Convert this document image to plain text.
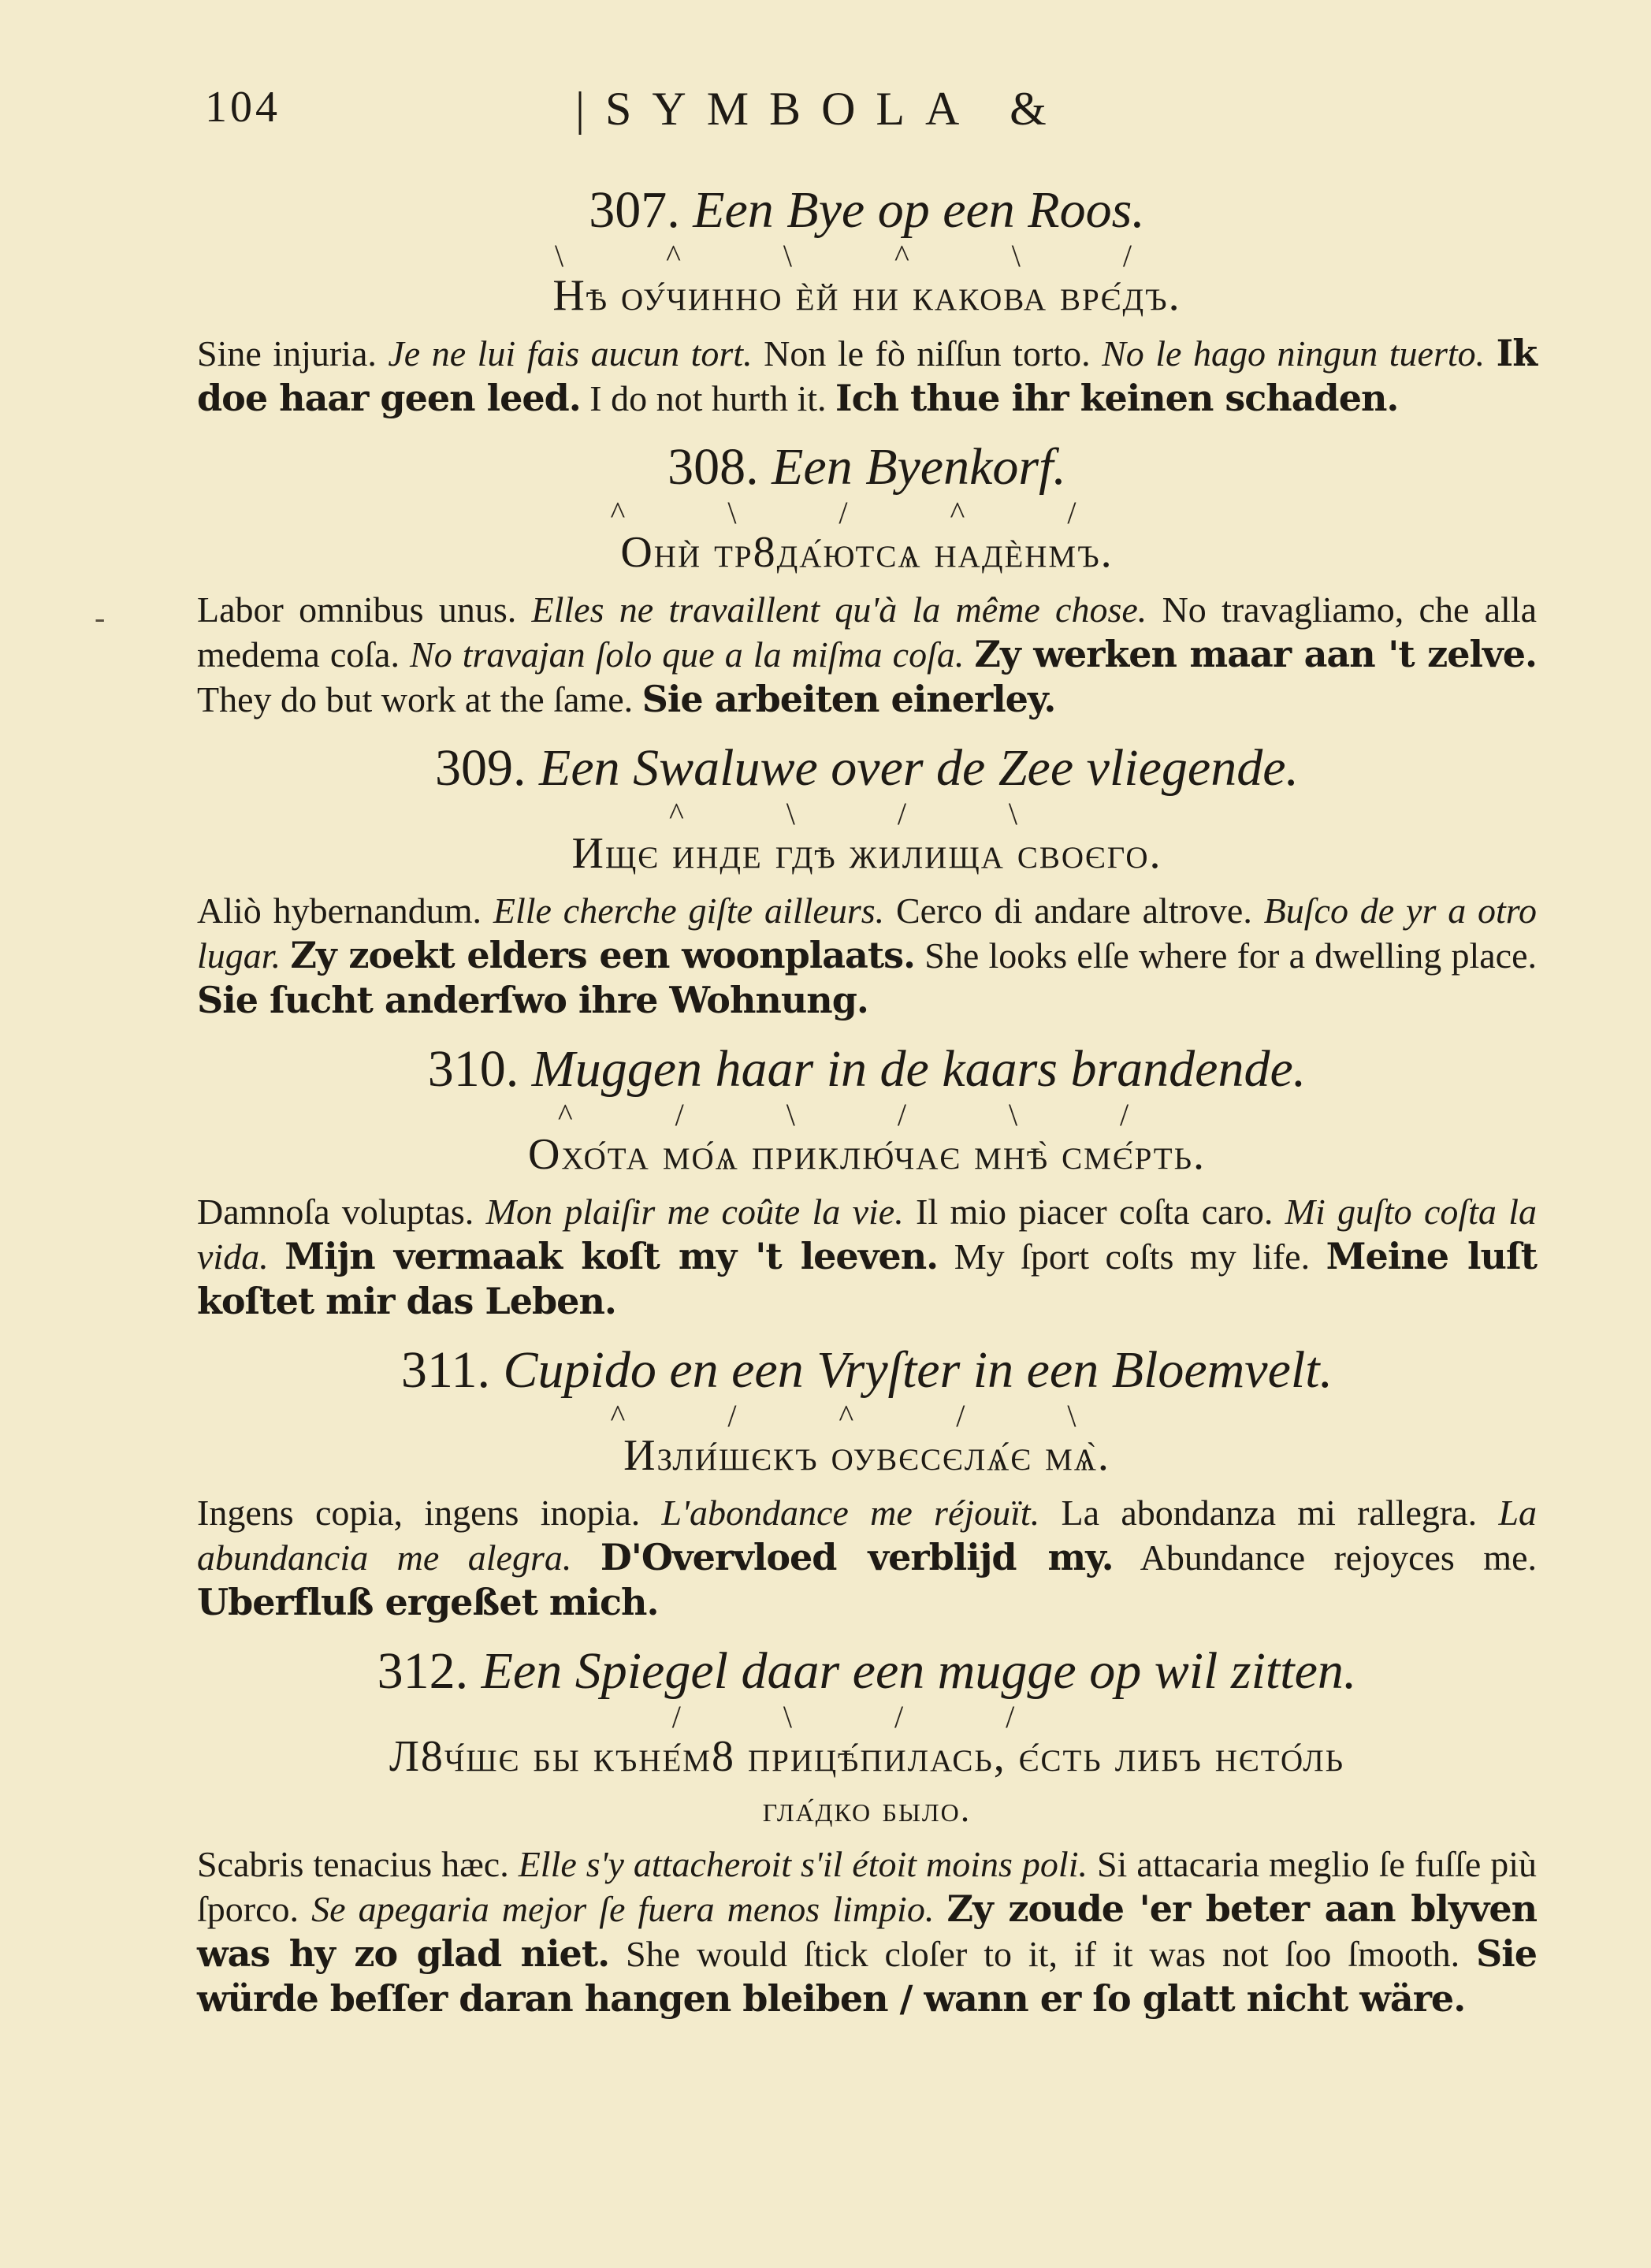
104	|SYMBOLA &
‐
307. Een Bye op een Roos.
\ ^ \ ^ \ /
Нѣ оу́чинно ѐй ни какова врє́дъ.
Sine injuria. Je ne lui fais aucun tort. Non le fò niſſun torto. No le hago ningun tuerto. Ik doe haar geen leed. I do not hurth it. Ich thue ihr keinen schaden.
308. Een Byenkorf.
^ \ / ^ /
Онѝ тр8да́ютсѧ надѐнмъ.
Labor omnibus unus. Elles ne travaillent qu'à la même chose. No travagliamo, che alla medema coſa. No travajan ſolo que a la miſma coſa. Zy werken maar aan 't zelve. They do but work at the ſame. Sie arbeiten einerley.
309. Een Swaluwe over de Zee vliegende.
^ \ / \
Ищє инде гдѣ жилища своєго.
Aliò hybernandum. Elle cherche giſte ailleurs. Cerco di andare altrove. Buſco de yr a otro lugar. Zy zoekt elders een woonplaats. She looks elſe where for a dwelling place. Sie ſucht anderſwo ihre Wohnung.
310. Muggen haar in de kaars brandende.
^ / \ / \ /
Охо́та мо́ѧ приклю́чає мнѣ̀ смє́рть.
Damnoſa voluptas. Mon plaiſir me coûte la vie. Il mio piacer coſta caro. Mi guſto coſta la vida. Mijn vermaak koſt my 't leeven. My ſport coſts my life. Meine luſt koſtet mir das Leben.
311. Cupido en een Vryſter in een Bloemvelt.
^ / ^ / \
Изли́шєкъ оувєсєлѧ́є мѧ̀.
Ingens copia, ingens inopia. L'abondance me réjouït. La abondanza mi rallegra. La abundancia me alegra. D'Overvloed verblijd my. Abundance rejoyces me. Uberfluß ergeßet mich.
312. Een Spiegel daar een mugge op wil zitten.
/ \ / /
Л8ч́шє бы къне́м8 прицѣ́пилась, є́сть либъ нєто́ль
гла́дко было.
Scabris tenacius hæc. Elle s'y attacheroit s'il étoit moins poli. Si attacaria meglio ſe fuſſe più ſporco. Se apegaria mejor ſe fuera menos limpio. Zy zoude 'er beter aan blyven was hy zo glad niet. She would ſtick cloſer to it, if it was not ſoo ſmooth. Sie würde beſſer daran hangen bleiben / wann er ſo glatt nicht wäre.
